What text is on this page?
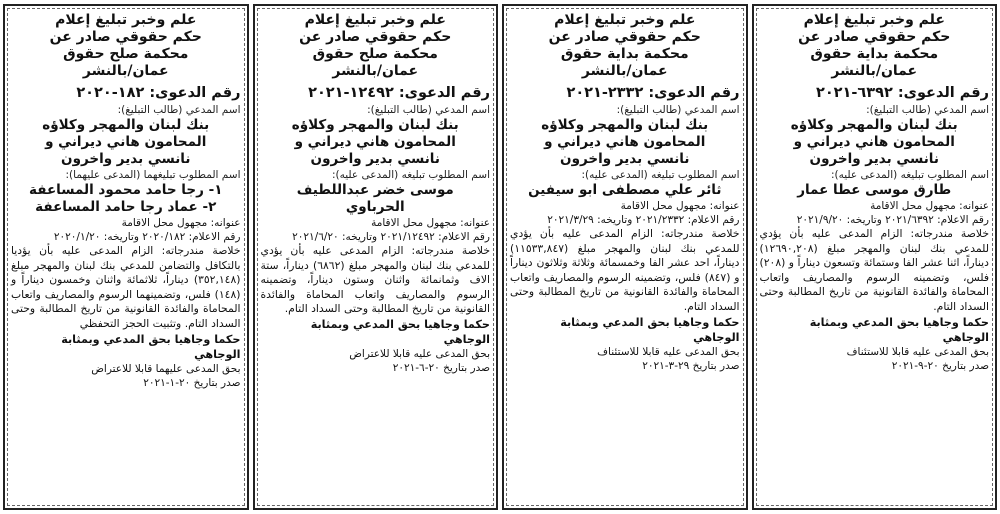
علم وخبر تبليغ إعلام
حكم حقوقي صادر عن
محكمة بداية حقوق
عمان/بالنشر
رقم الدعوى: ٦٣٩٢-٢٠٢١
اسم المدعي (طالب التبليغ):
بنك لبنان والمهجر وكلاؤه
المحامون هاني ديراني و
نانسي بدير واخرون
اسم المطلوب تبليغه (المدعى عليه):
طارق موسى عطا عمار
عنوانه: مجهول محل الاقامة
رقم الاعلام: ٢٠٢١/٦٣٩٢ وتاريخه: ٢٠٢١/٩/٢٠
خلاصة مندرجاته: الزام المدعى عليه بأن يؤدي للمدعي بنك لبنان والمهجر مبلغ (١٢٦٩٠,٢٠٨) ديناراً، اثنا عشر الفا وستمائة وتسعون ديناراً و (٢٠٨) فلس، وتضمينه الرسوم والمصاريف واتعاب المحاماة والفائدة القانونية من تاريخ المطالبة وحتى السداد التام.
حكما وجاهيا بحق المدعي وبمثابة الوجاهي
بحق المدعى عليه قابلا للاستئناف
صدر بتاريخ ٢٠-٩-٢٠٢١
علم وخبر تبليغ إعلام
حكم حقوقي صادر عن
محكمة بداية حقوق
عمان/بالنشر
رقم الدعوى: ٢٣٣٢-٢٠٢١
اسم المدعي (طالب التبليغ):
بنك لبنان والمهجر وكلاؤه
المحامون هاني ديراني و
نانسي بدير واخرون
اسم المطلوب تبليغه (المدعى عليه):
ثائر علي مصطفى ابو سيفين
عنوانه: مجهول محل الاقامة
رقم الاعلام: ٢٠٢١/٢٣٣٢ وتاريخه: ٢٠٢١/٣/٢٩
خلاصة مندرجاته: الزام المدعى عليه بأن يؤدي للمدعي بنك لبنان والمهجر مبلغ (١١٥٣٣,٨٤٧) ديناراً، احد عشر الفا وخمسمائة وثلاثة وثلاثون ديناراً و (٨٤٧) فلس، وتضمينه الرسوم والمصاريف واتعاب المحاماة والفائدة القانونية من تاريخ المطالبة وحتى السداد التام.
حكما وجاهيا بحق المدعي وبمثابة الوجاهي
بحق المدعى عليه قابلا للاستئناف
صدر بتاريخ ٢٩-٣-٢٠٢١
علم وخبر تبليغ إعلام
حكم حقوقي صادر عن
محكمة صلح حقوق
عمان/بالنشر
رقم الدعوى: ١٢٤٩٢-٢٠٢١
اسم المدعي (طالب التبليغ):
بنك لبنان والمهجر وكلاؤه
المحامون هاني ديراني و
نانسي بدير واخرون
اسم المطلوب تبليغه (المدعى عليه):
موسى خضر عبداللطيف
الحرباوي
عنوانه: مجهول محل الاقامة
رقم الاعلام: ٢٠٢١/١٢٤٩٢ وتاريخه: ٢٠٢١/٦/٢٠
خلاصة مندرجاته: الزام المدعى عليه بأن يؤدي للمدعي بنك لبنان والمهجر مبلغ (٦٨٦٢) ديناراً، ستة الاف وثمانمائة واثنان وستون ديناراً، وتضمينه الرسوم والمصاريف واتعاب المحاماة والفائدة القانونية من تاريخ المطالبة وحتى السداد التام.
حكما وجاهيا بحق المدعي وبمثابة الوجاهي
بحق المدعى عليه قابلا للاعتراض
صدر بتاريخ ٢٠-٦-٢٠٢١
علم وخبر تبليغ إعلام
حكم حقوقي صادر عن
محكمة صلح حقوق
عمان/بالنشر
رقم الدعوى: ١٨٢-٢٠٢٠
اسم المدعي (طالب التبليغ):
بنك لبنان والمهجر وكلاؤه
المحامون هاني ديراني و
نانسي بدير واخرون
اسم المطلوب تبليغهما (المدعى عليهما):
١- رجا حامد محمود المساعفة
٢- عماد رجا حامد المساعفة
عنوانه: مجهول محل الاقامة
رقم الاعلام: ٢٠٢٠/١٨٢ وتاريخه: ٢٠٢٠/١/٢٠
خلاصة مندرجاته: الزام المدعى عليه بأن يؤديا بالتكافل والتضامن للمدعي بنك لبنان والمهجر مبلغ (٣٥٢,١٤٨) ديناراً، ثلاثمائة واثنان وخمسون ديناراً و (١٤٨) فلس، وتضمينهما الرسوم والمصاريف واتعاب المحاماة والفائدة القانونية من تاريخ المطالبة وحتى السداد التام. وتثبيت الحجز التحفظي
حكما وجاهيا بحق المدعي وبمثابة الوجاهي
بحق المدعى عليهما قابلا للاعتراض
صدر بتاريخ ٢٠-١-٢٠٢١
